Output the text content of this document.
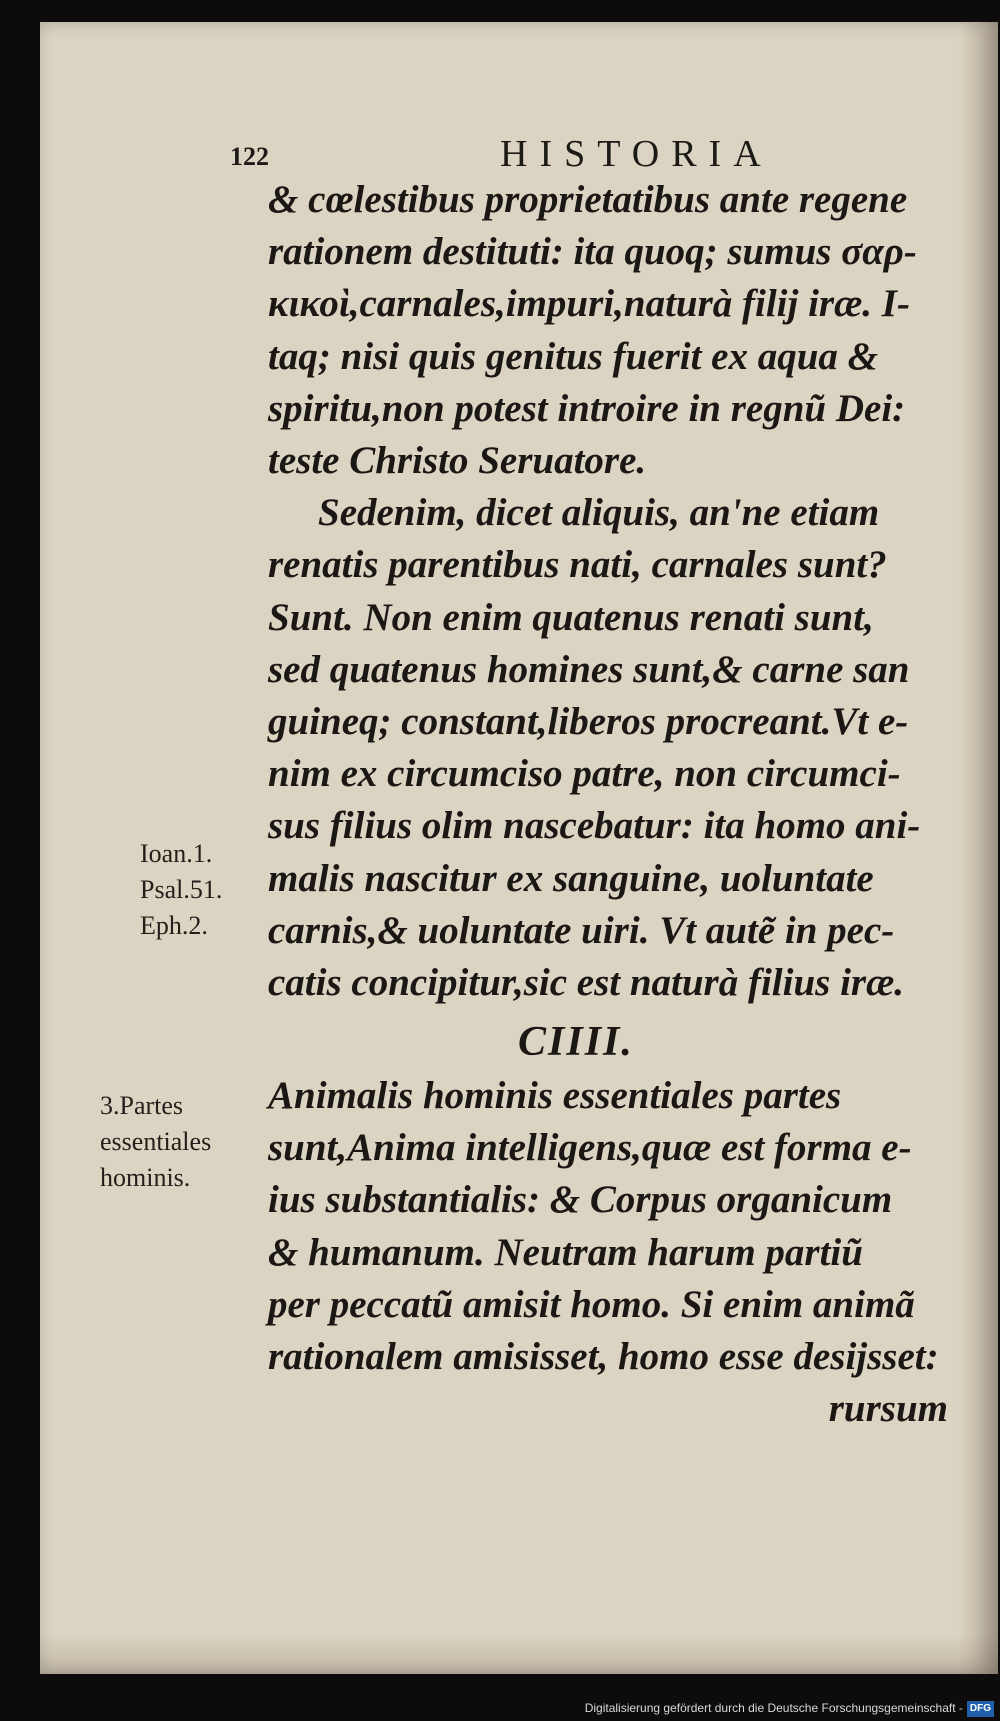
122	HISTORIA
& cœlestibus proprietatibus ante regene
rationem destituti: ita quoq; sumus σαρ-
κικοὶ,carnales,impuri,naturà filij iræ. I-
taq; nisi quis genitus fuerit ex aqua &
spiritu,non potest introire in regnũ Dei:
teste Christo Seruatore.
Sedenim, dicet aliquis, an'ne etiam
renatis parentibus nati, carnales sunt?
Sunt. Non enim quatenus renati sunt,
sed quatenus homines sunt,& carne san
guineq; constant,liberos procreant.Vt e-
nim ex circumciso patre, non circumci-
sus filius olim nascebatur: ita homo ani-
malis nascitur ex sanguine, uoluntate
carnis,& uoluntate uiri. Vt autẽ in pec-
catis concipitur,sic est naturà filius iræ.
Ioan.1.
Psal.51.
Eph.2.
CIIII.
3.Partes
essentiales
hominis.
Animalis hominis essentiales partes
sunt,Anima intelligens,quæ est forma e-
ius substantialis: & Corpus organicum
& humanum. Neutram harum partiũ
per peccatũ amisit homo. Si enim animã
rationalem amisisset, homo esse desijsset:
rursum
Digitalisierung gefördert durch die Deutsche Forschungsgemeinschaft - DFG
